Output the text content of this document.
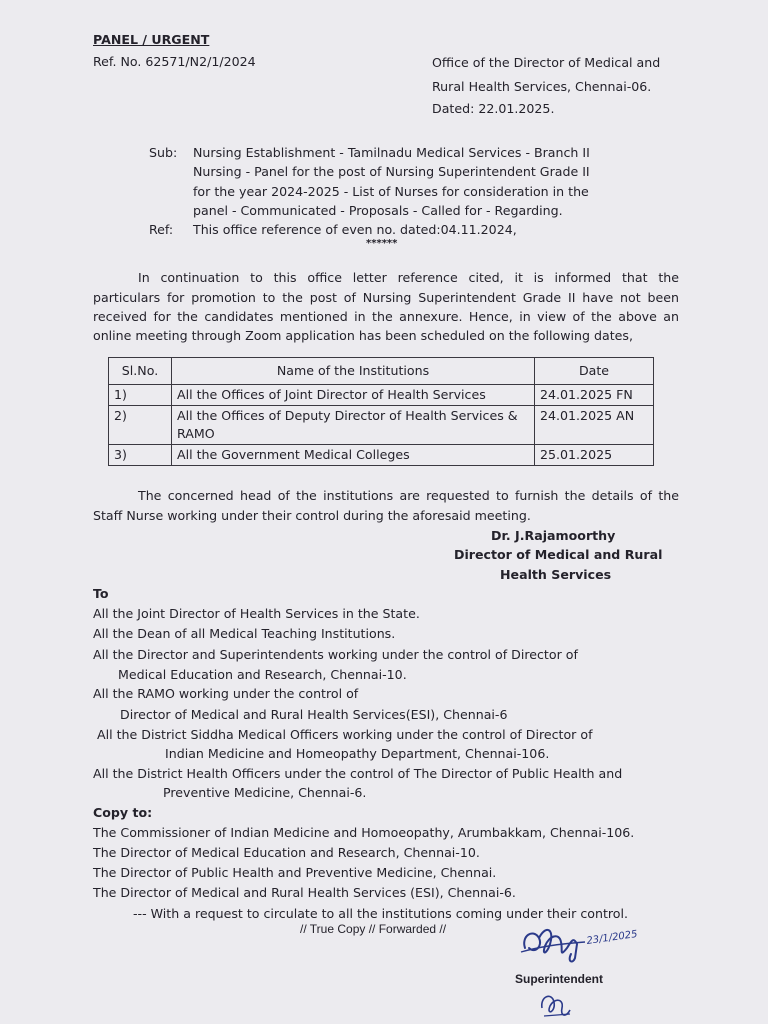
PANEL / URGENT
Ref. No. 62571/N2/1/2024	Office of the Director of Medical and
Rural Health Services, Chennai-06.
Dated: 22.01.2025.
Sub: Nursing Establishment - Tamilnadu Medical Services - Branch II
Nursing - Panel for the post of Nursing Superintendent Grade II
for the year 2024-2025 - List of Nurses for consideration in the
panel - Communicated - Proposals - Called for - Regarding.
Ref: This office reference of even no. dated:04.11.2024,
******
In continuation to this office letter reference cited, it is informed that the
particulars for promotion to the post of Nursing Superintendent Grade II have not been
received for the candidates mentioned in the annexure. Hence, in view of the above an
online meeting through Zoom application has been scheduled on the following dates,
Sl.No.	Name of the Institutions	Date
1)	All the Offices of Joint Director of Health Services	24.01.2025 FN
2)	All the Offices of Deputy Director of Health Services & RAMO	24.01.2025 AN
3)	All the Government Medical Colleges	25.01.2025
The concerned head of the institutions are requested to furnish the details of the
Staff Nurse working under their control during the aforesaid meeting.
Dr. J.Rajamoorthy
Director of Medical and Rural
Health Services
To
All the Joint Director of Health Services in the State.
All the Dean of all Medical Teaching Institutions.
All the Director and Superintendents working under the control of Director of
Medical Education and Research, Chennai-10.
All the RAMO working under the control of
Director of Medical and Rural Health Services(ESI), Chennai-6
All the District Siddha Medical Officers working under the control of Director of
Indian Medicine and Homeopathy Department, Chennai-106.
All the District Health Officers under the control of The Director of Public Health and
Preventive Medicine, Chennai-6.
Copy to:
The Commissioner of Indian Medicine and Homoeopathy, Arumbakkam, Chennai-106.
The Director of Medical Education and Research, Chennai-10.
The Director of Public Health and Preventive Medicine, Chennai.
The Director of Medical and Rural Health Services (ESI), Chennai-6.
--- With a request to circulate to all the institutions coming under their control.
// True Copy // Forwarded //	23/1/2025
Superintendent
